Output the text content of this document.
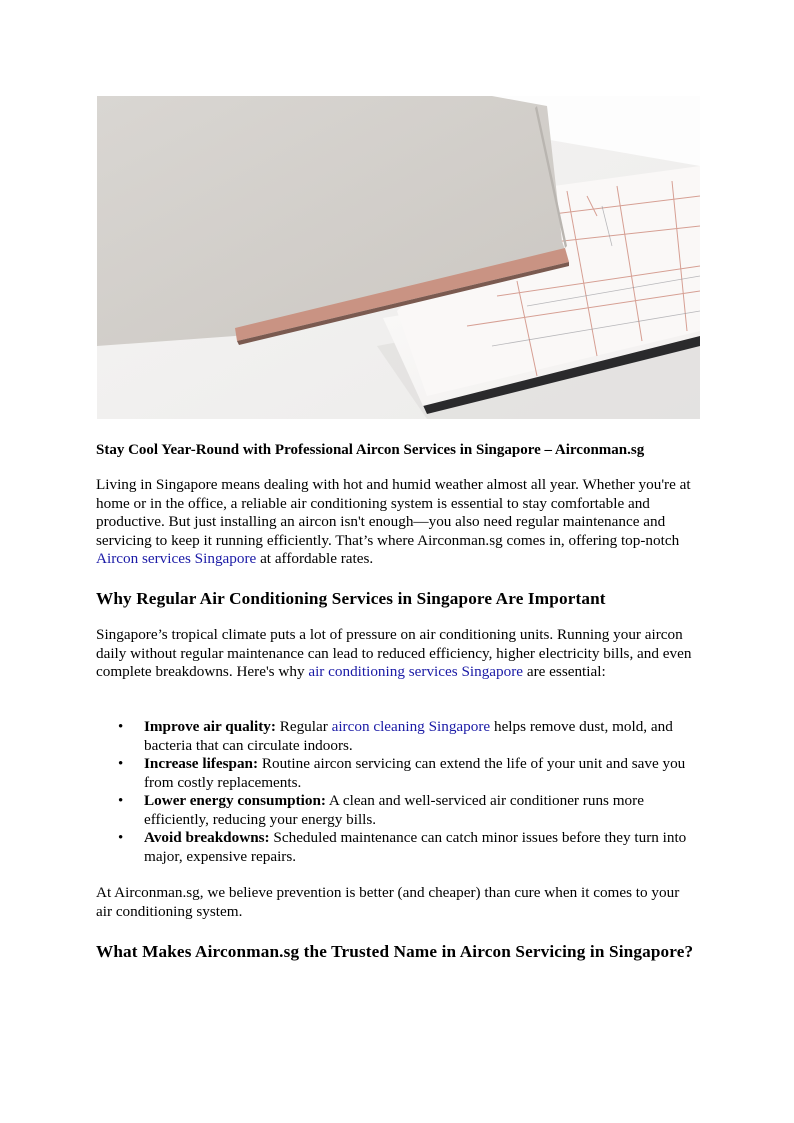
Stay Cool Year-Round with Professional Aircon Services in Singapore – Airconman.sg

Living in Singapore means dealing with hot and humid weather almost all year. Whether you're at home or in the office, a reliable air conditioning system is essential to stay comfortable and productive. But just installing an aircon isn't enough—you also need regular maintenance and servicing to keep it running efficiently. That’s where Airconman.sg comes in, offering top-notch Aircon services Singapore at affordable rates.

Why Regular Air Conditioning Services in Singapore Are Important

Singapore’s tropical climate puts a lot of pressure on air conditioning units. Running your aircon daily without regular maintenance can lead to reduced efficiency, higher electricity bills, and even complete breakdowns. Here's why air conditioning services Singapore are essential:

• Improve air quality: Regular aircon cleaning Singapore helps remove dust, mold, and bacteria that can circulate indoors.
• Increase lifespan: Routine aircon servicing can extend the life of your unit and save you from costly replacements.
• Lower energy consumption: A clean and well-serviced air conditioner runs more efficiently, reducing your energy bills.
• Avoid breakdowns: Scheduled maintenance can catch minor issues before they turn into major, expensive repairs.

At Airconman.sg, we believe prevention is better (and cheaper) than cure when it comes to your air conditioning system.

What Makes Airconman.sg the Trusted Name in Aircon Servicing in Singapore?
